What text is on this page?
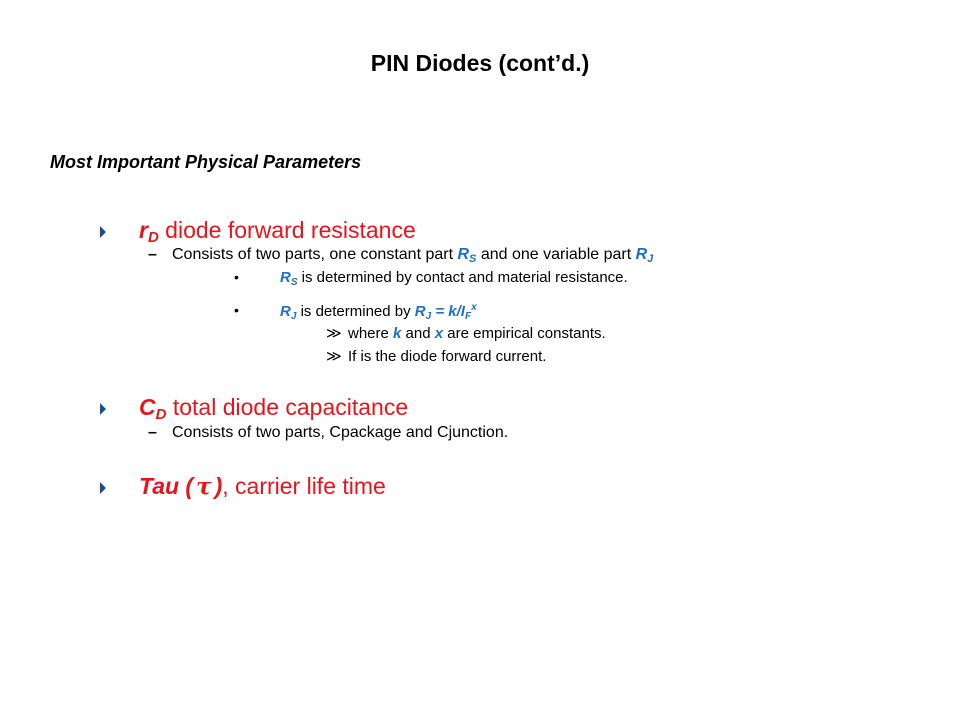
PIN Diodes (cont’d.)
Most Important Physical Parameters
$r_D$ diode forward resistance
– Consists of two parts, one constant part $R_S$ and one variable part $R_J$
•	$R_S$ is determined by contact and material resistance.
•	$R_J$ is determined by $R_J = k/I_F^x$
≫ where k and x are empirical constants.
≫ If is the diode forward current.
$C_D$ total diode capacitance
– Consists of two parts, Cpackage and Cjunction.
Tau ( τ ), carrier life time
